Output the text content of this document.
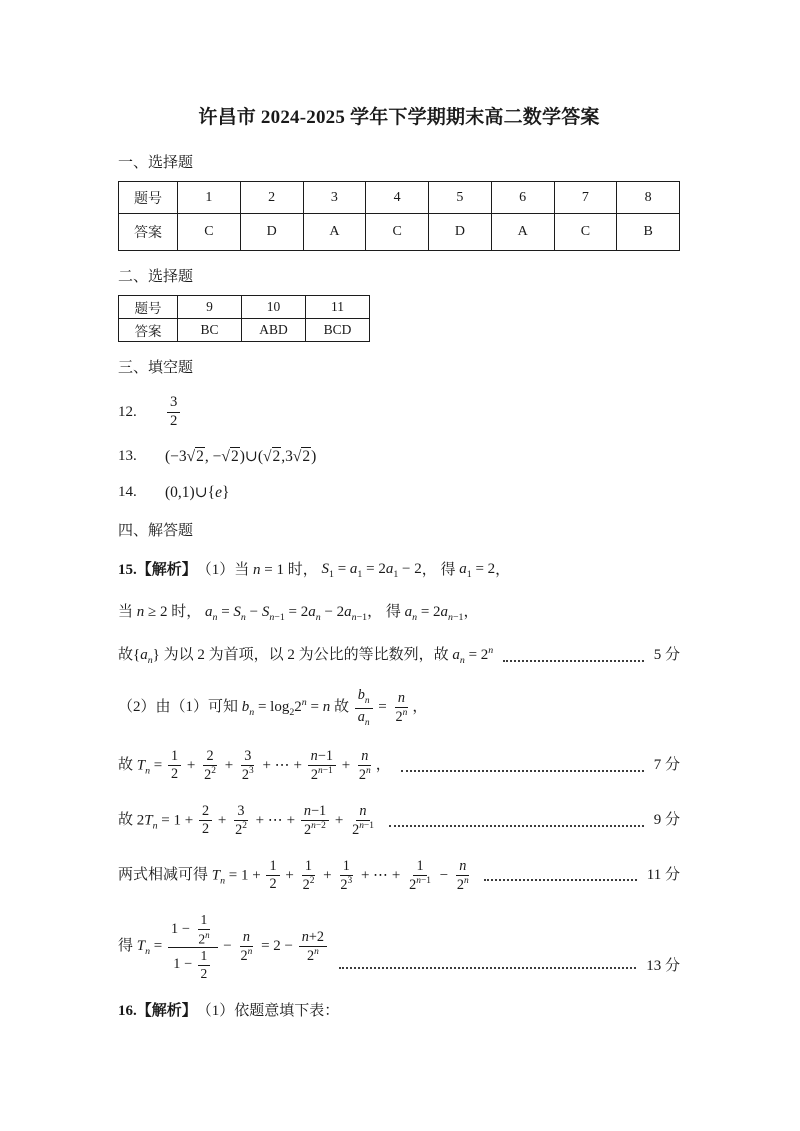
许昌市 2024-2025 学年下学期期末高二数学答案
一、选择题
题号	1	2	3	4	5	6	7	8
答案	C	D	A	C	D	A	C	B
二、选择题
题号	9	10	11
答案	BC	ABD	BCD
三、填空题
12.	$\frac{3}{2}$
13.	(−3√2, −√2)∪(√2,3√2)
14.	(0,1)∪{e}
四、解答题
15.【解析】 （1）当 n = 1 时， $S_1 = a_1 = 2a_1 - 2$ ， 得 $a_1 = 2$ ，
当 n ≥ 2 时， $a_n = S_n - S_{n-1} = 2a_n - 2a_{n-1}$ ， 得 $a_n = 2a_{n-1}$ ，
故 $\{a_n\}$ 为以 2 为首项，以 2 为公比的等比数列，故 $a_n = 2^n$	5 分
（2）由（1）可知 $b_n = \log_22^n = n$ 故 $\frac{b_n}{a_n} = \frac{n}{2^n}$ ，
故 $T_n = \frac{1}{2} + \frac{2}{2^2} + \frac{3}{2^3}$ + ⋯ + $\frac{n-1}{2^{n-1}} + \frac{n}{2^n}$ ，	7 分
故 $2T_n = 1 + \frac{2}{2} + \frac{3}{2^2}$ + ⋯ + $\frac{n-1}{2^{n-2}} + \frac{n}{2^{n-1}}$	9 分
两式相减可得 $T_n = 1 + \frac{1}{2} + \frac{1}{2^2} + \frac{1}{2^3}$ + ⋯ + $\frac{1}{2^{n-1}} - \frac{n}{2^n}$	11 分
得 $T_n = \frac{1 - \frac{1}{2^n}}{1 - \frac{1}{2}} - \frac{n}{2^n} = 2 - \frac{n+2}{2^n}$
13 分
16.【解析】 （1）依题意填下表：
